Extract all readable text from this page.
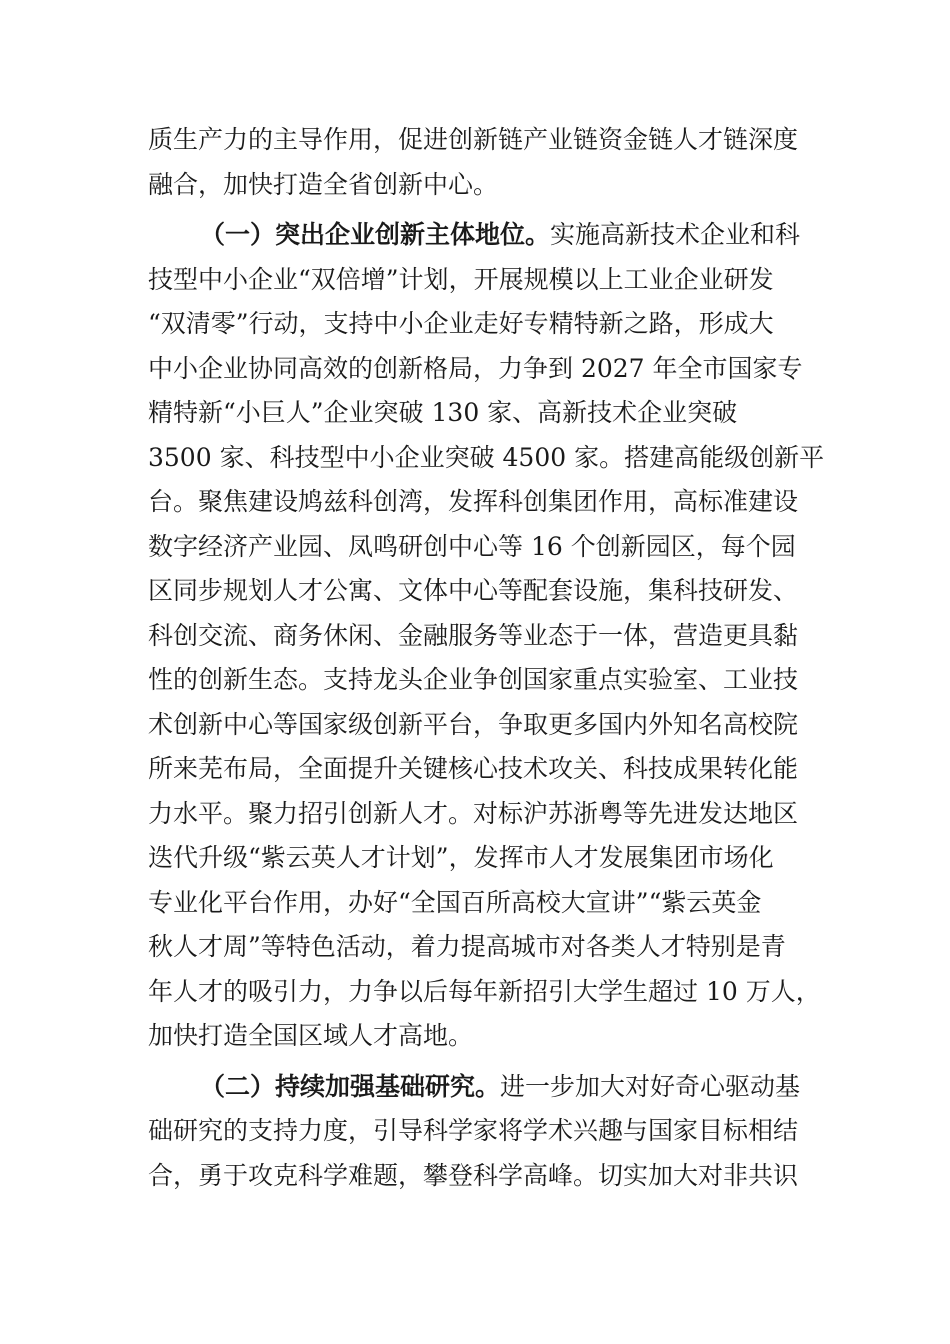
质生产力的主导作用，促进创新链产业链资金链人才链深度
融合，加快打造全省创新中心。
（一）突出企业创新主体地位。实施高新技术企业和科
技型中小企业“双倍增”计划，开展规模以上工业企业研发
“双清零”行动，支持中小企业走好专精特新之路，形成大
中小企业协同高效的创新格局，力争到 2027 年全市国家专
精特新“小巨人”企业突破 130 家、高新技术企业突破
3500 家、科技型中小企业突破 4500 家。搭建高能级创新平
台。聚焦建设鸠兹科创湾，发挥科创集团作用，高标准建设
数字经济产业园、凤鸣研创中心等 16 个创新园区，每个园
区同步规划人才公寓、文体中心等配套设施，集科技研发、
科创交流、商务休闲、金融服务等业态于一体，营造更具黏
性的创新生态。支持龙头企业争创国家重点实验室、工业技
术创新中心等国家级创新平台，争取更多国内外知名高校院
所来芜布局，全面提升关键核心技术攻关、科技成果转化能
力水平。聚力招引创新人才。对标沪苏浙粤等先进发达地区
迭代升级“紫云英人才计划”，发挥市人才发展集团市场化
专业化平台作用，办好“全国百所高校大宣讲”“紫云英金
秋人才周”等特色活动，着力提高城市对各类人才特别是青
年人才的吸引力，力争以后每年新招引大学生超过 10 万人，
加快打造全国区域人才高地。
（二）持续加强基础研究。进一步加大对好奇心驱动基
础研究的支持力度，引导科学家将学术兴趣与国家目标相结
合，勇于攻克科学难题，攀登科学高峰。切实加大对非共识
